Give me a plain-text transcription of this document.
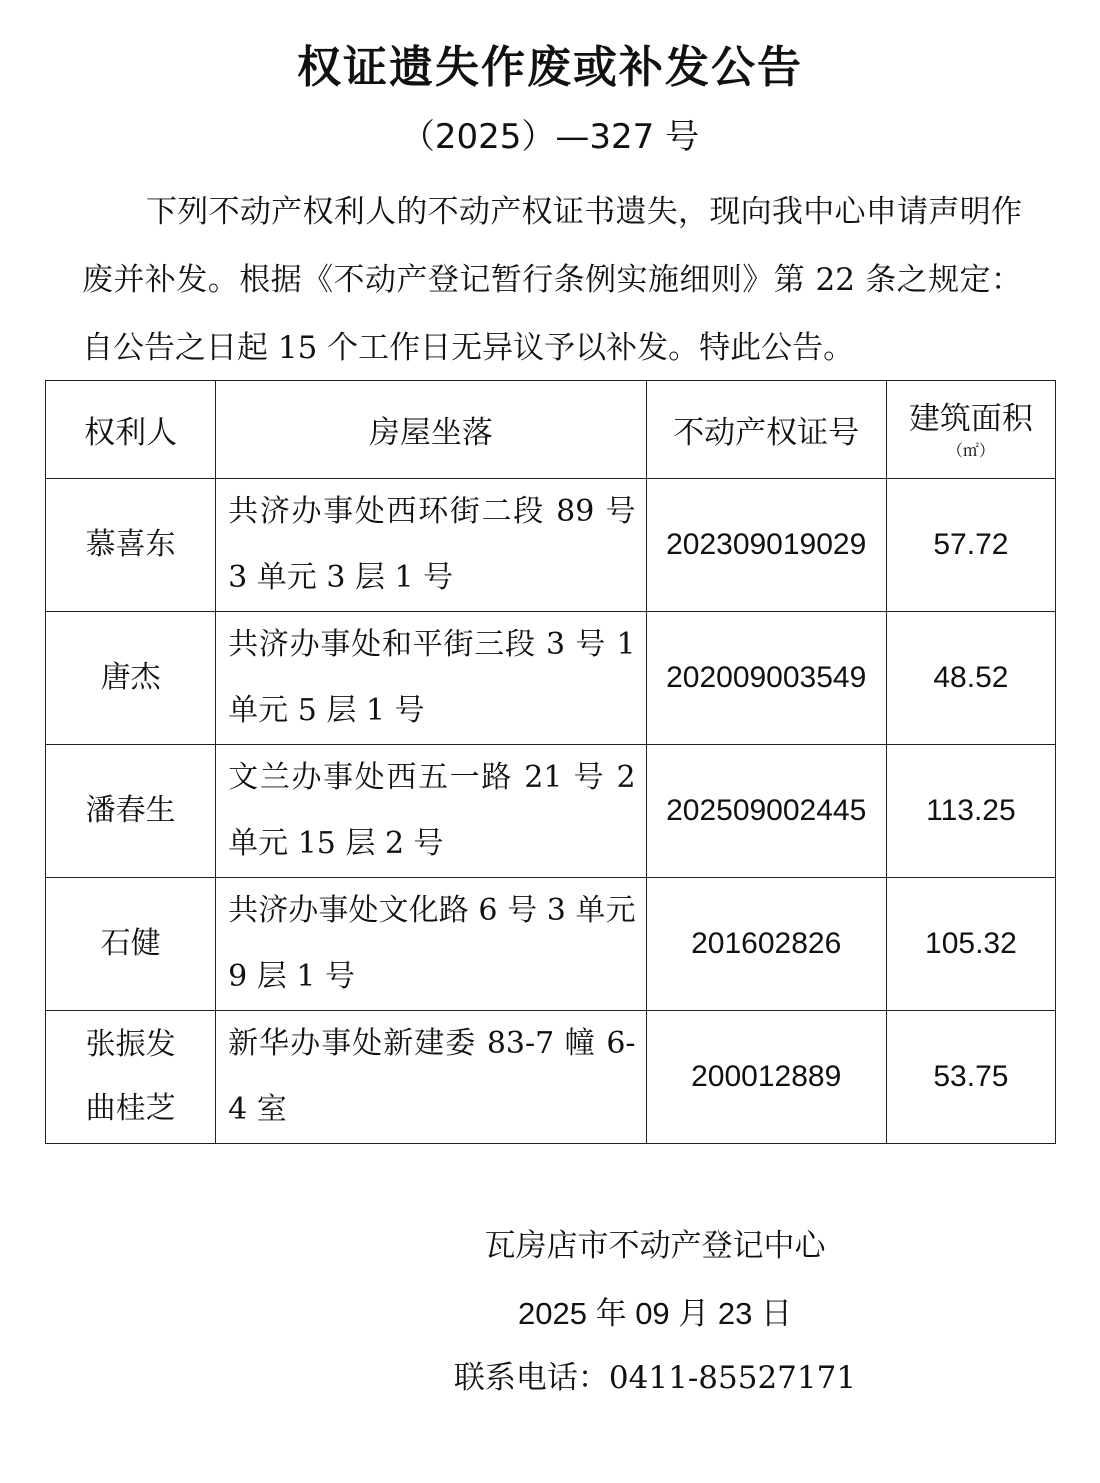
权证遗失作废或补发公告
（2025）—327 号
下列不动产权利人的不动产权证书遗失，现向我中心申请声明作废并补发。根据《不动产登记暂行条例实施细则》第 22 条之规定：自公告之日起 15 个工作日无异议予以补发。特此公告。
权利人	房屋坐落	不动产权证号	建筑面积
（㎡）

慕喜东	共济办事处西环街二段 89 号 3 单元 3 层 1 号	202309019029	57.72

唐杰	共济办事处和平街三段 3 号 1 单元 5 层 1 号	202009003549	48.52

潘春生	文兰办事处西五一路 21 号 2 单元 15 层 2 号	202509002445	113.25

石健	共济办事处文化路 6 号 3 单元 9 层 1 号	201602826	105.32

张振发
曲桂芝	新华办事处新建委 83-7 幢 6-4 室	200012889	53.75
瓦房店市不动产登记中心
2025 年 09 月 23 日
联系电话：0411-85527171
